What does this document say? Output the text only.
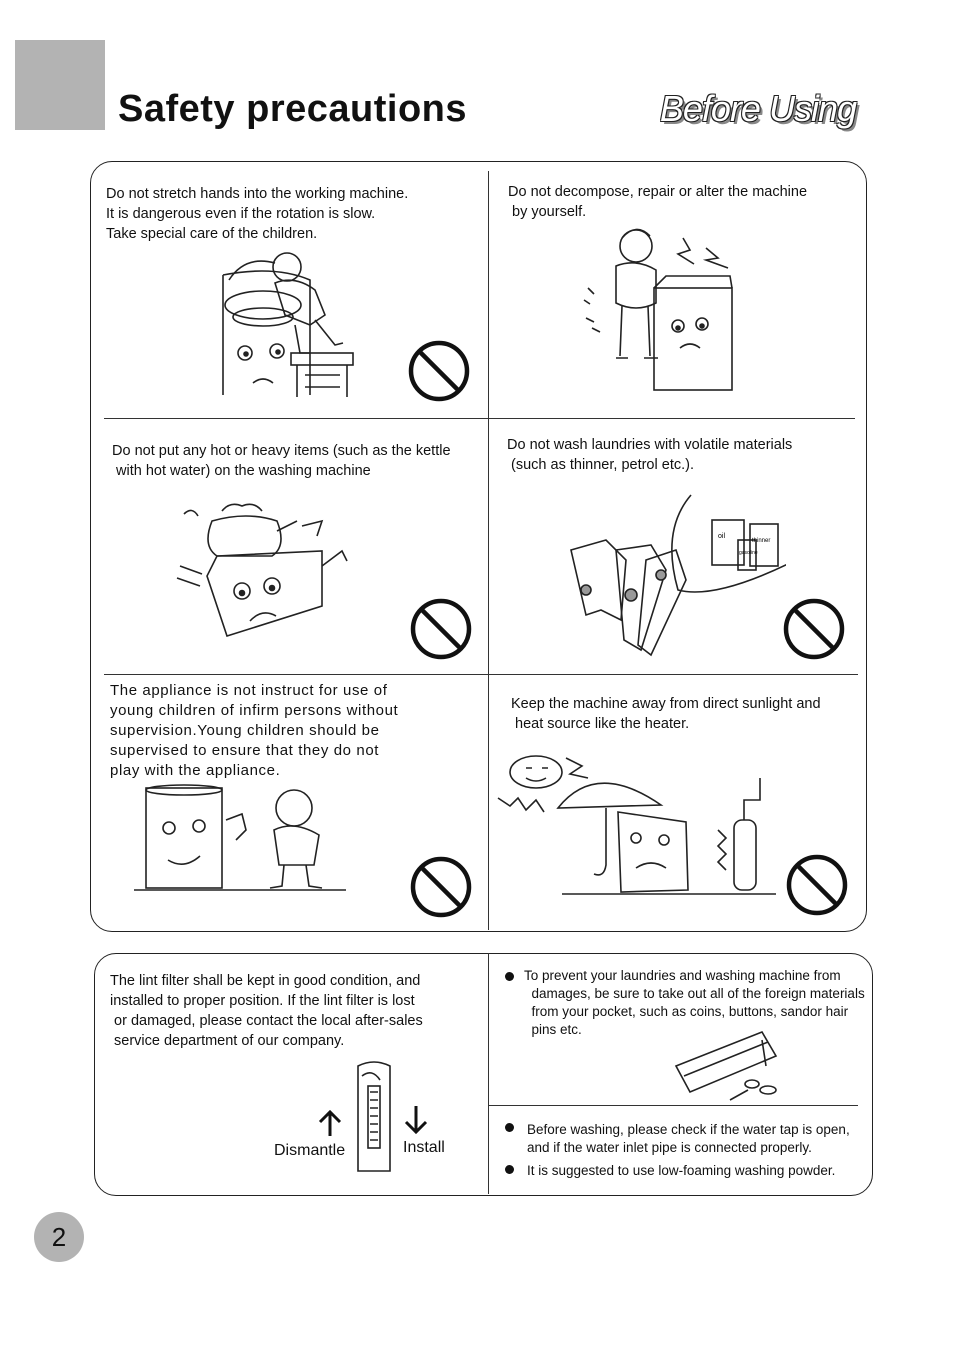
Safety precautions	Before Using

Do not stretch hands into the working machine.
It is dangerous even if the rotation is slow.
Take special care of the children.

Do not decompose, repair or alter the machine
by yourself.

Do not put any hot or heavy items (such as the kettle
with hot water) on the washing machine

Do not wash laundries with volatile materials
(such as thinner, petrol etc.).

The appliance is not instruct for use of
young children of infirm persons without
supervision.Young children should be
supervised to ensure that they do not
play with the appliance.

Keep the machine away from direct sunlight and
heat source like the heater.

oil
thinner
gasoline

The lint filter shall be kept in good condition, and
installed to proper position. If the lint filter is lost
or damaged, please contact the local after-sales
service department of our company.

Dismantle	Install

To prevent your laundries and washing machine from
damages, be sure to take out all of the foreign materials
from your pocket, such as coins, buttons, sandor hair
pins etc.

Before washing, please check if the water tap is open,
and if the water inlet pipe is connected properly.

It is suggested to use low-foaming washing powder.

2
